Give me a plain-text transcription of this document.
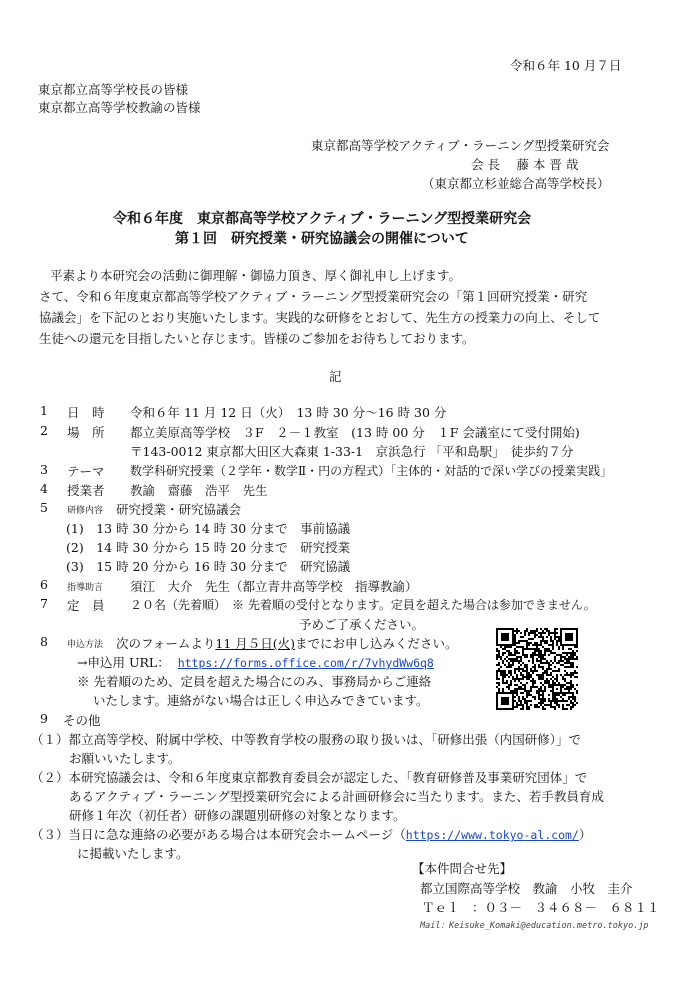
令和６年 10 月７日
東京都立高等学校長の皆様
東京都立高等学校教諭の皆様
東京都高等学校アクティブ・ラーニング型授業研究会
会 長　 藤 本 晋 哉
（東京都立杉並総合高等学校長）
令和６年度　東京都高等学校アクティブ・ラーニング型授業研究会
第１回　研究授業・研究協議会の開催について
平素より本研究会の活動に御理解・御協力頂き、厚く御礼申し上げます。
さて、令和６年度東京都高等学校アクティブ・ラーニング型授業研究会の「第１回研究授業・研究
協議会」を下記のとおり実施いたします。実践的な研修をとおして、先生方の授業力の向上、そして
生徒への還元を目指したいと存じます。皆様のご参加をお待ちしております。
記
1 日　時 令和６年 11 月 12 日（火）　13 時 30 分～16 時 30 分
2 場　所 都立美原高等学校　３F　２－１教室　(13 時 00 分　１F 会議室にて受付開始)
〒143-0012 東京都大田区大森東 1-33-1　京浜急行 「平和島駅」　徒歩約７分
3 テーマ 数学科研究授業（２学年・数学Ⅱ・円の方程式）「主体的・対話的で深い学びの授業実践」
4 授業者 教諭　齋藤　浩平　先生
5 研修内容 研究授業・研究協議会
(1)　13 時 30 分から 14 時 30 分まで　事前協議
(2)　14 時 30 分から 15 時 20 分まで　研究授業
(3)　15 時 20 分から 16 時 30 分まで　研究協議
6 指導助言 須江　大介　先生（都立青井高等学校　指導教諭）
7 定　員 ２０名（先着順）　※ 先着順の受付となります。定員を超えた場合は参加できません。
予めご了承ください。
8 申込方法 次のフォームより11 月５日(火)までにお申し込みください。
→申込用 URL： https://forms.office.com/r/7vhydWw6q8
※ 先着順のため、定員を超えた場合にのみ、事務局からご連絡
いたします。連絡がない場合は正しく申込みできています。
9 その他
（１）都立高等学校、附属中学校、中等教育学校の服務の取り扱いは、「研修出張（内国研修）」で
お願いいたします。
（２）本研究協議会は、令和６年度東京都教育委員会が認定した、「教育研修普及事業研究団体」で
あるアクティブ・ラーニング型授業研究会による計画研修会に当たります。また、若手教員育成
研修１年次（初任者）研修の課題別研修の対象となります。
（３）当日に急な連絡の必要がある場合は本研究会ホームページ（https://www.tokyo-al.com/）
に掲載いたします。
【本件問合せ先】
都立国際高等学校　教諭　小牧　圭介
Ｔｅｌ　：０３－　３４６８－　６８１１
Mail：Keisuke_Komaki@education.metro.tokyo.jp
